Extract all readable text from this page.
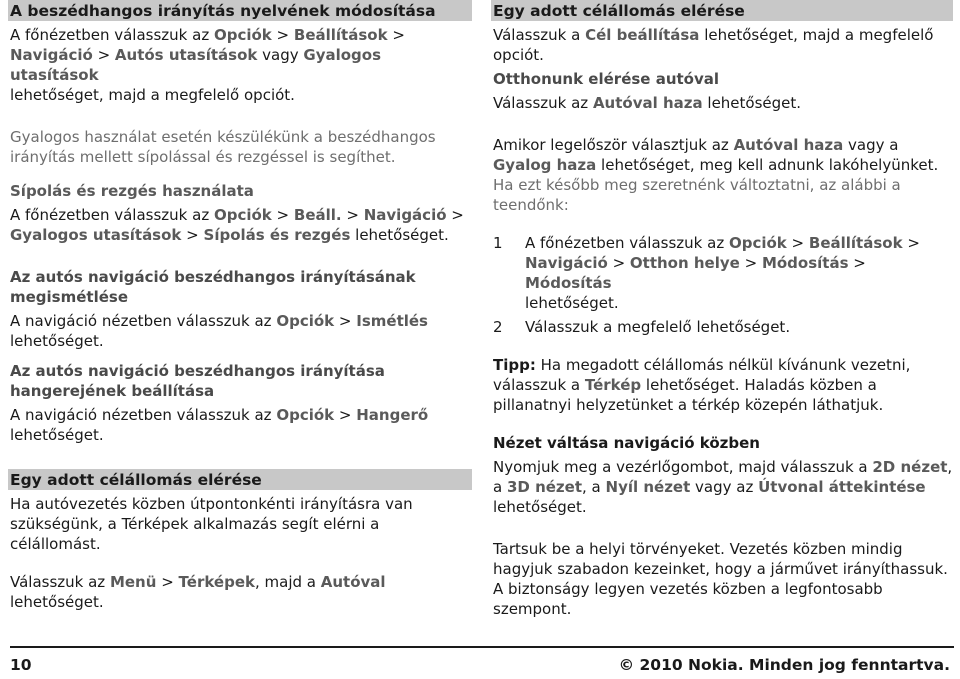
A beszédhangos irányítás nyelvének módosítása

A főnézetben válasszuk az Opciók > Beállítások >
Navigáció > Autós utasítások vagy Gyalogos utasítások
lehetőséget, majd a megfelelő opciót.

Gyalogos használat esetén készülékünk a beszédhangos irányítás mellett sípolással és rezgéssel is segíthet.

Sípolás és rezgés használata

A főnézetben válasszuk az Opciók > Beáll. > Navigáció >
Gyalogos utasítások > Sípolás és rezgés lehetőséget.

Az autós navigáció beszédhangos irányításának megismétlése

A navigáció nézetben válasszuk az Opciók > Ismétlés
lehetőséget.

Az autós navigáció beszédhangos irányítása hangerejének beállítása

A navigáció nézetben válasszuk az Opciók > Hangerő
lehetőséget.

Egy adott célállomás elérése

Ha autóvezetés közben útpontonkénti irányításra van szükségünk, a Térképek alkalmazás segít elérni a célállomást.

Válasszuk az Menü > Térképek, majd a Autóval
lehetőséget.

Egy adott célállomás elérése

Válasszuk a Cél beállítása lehetőséget, majd a megfelelő opciót.

Otthonunk elérése autóval

Válasszuk az Autóval haza lehetőséget.

Amikor legelőször választjuk az Autóval haza vagy a Gyalog haza lehetőséget, meg kell adnunk lakóhelyünket. Ha ezt később meg szeretnénk változtatni, az alábbi a teendőnk:

1 A főnézetben válasszuk az Opciók > Beállítások >
Navigáció > Otthon helye > Módosítás > Módosítás
lehetőséget.
2 Válasszuk a megfelelő lehetőséget.

Tipp: Ha megadott célállomás nélkül kívánunk vezetni, válasszuk a Térkép lehetőséget. Haladás közben a pillanatnyi helyzetünket a térkép közepén láthatjuk.

Nézet váltása navigáció közben

Nyomjuk meg a vezérlőgombot, majd válasszuk a 2D nézet, a 3D nézet, a Nyíl nézet vagy az Útvonal áttekintése lehetőséget.

Tartsuk be a helyi törvényeket. Vezetés közben mindig hagyjuk szabadon kezeinket, hogy a járművet irányíthassuk. A biztonságy legyen vezetés közben a legfontosabb szempont.

10	© 2010 Nokia. Minden jog fenntartva.
